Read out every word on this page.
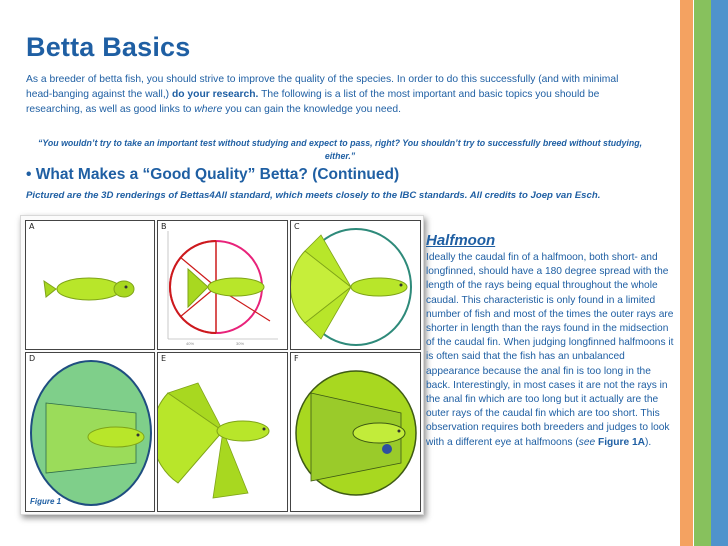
Betta Basics
As a breeder of betta fish, you should strive to improve the quality of the species. In order to do this successfully (and with minimal head-banging against the wall,) do your research. The following is a list of the most important and basic topics you should be researching, as well as good links to where you can gain the knowledge you need.
“You wouldn’t try to take an important test without studying and expect to pass, right? You shouldn’t try to successfully breed without studying, either.”
• What Makes a “Good Quality” Betta? (Continued)
Pictured are the 3D renderings of Bettas4All standard, which meets closely to the IBC standards. All credits to Joep van Esch.
A	B
40%	30%
C
D	E	F
Figure 1
Halfmoon
Ideally the caudal fin of a halfmoon, both short- and longfinned, should have a 180 degree spread with the length of the rays being equal throughout the whole caudal. This characteristic is only found in a limited number of fish and most of the times the outer rays are shorter in length than the rays found in the midsection of the caudal fin. When judging longfinned halfmoons it is often said that the fish has an unbalanced appearance because the anal fin is too long in the back. Interestingly, in most cases it are not the rays in the anal fin which are too long but it actually are the outer rays of the caudal fin which are too short. This observation requires both breeders and judges to look with a different eye at halfmoons (see Figure 1A).
